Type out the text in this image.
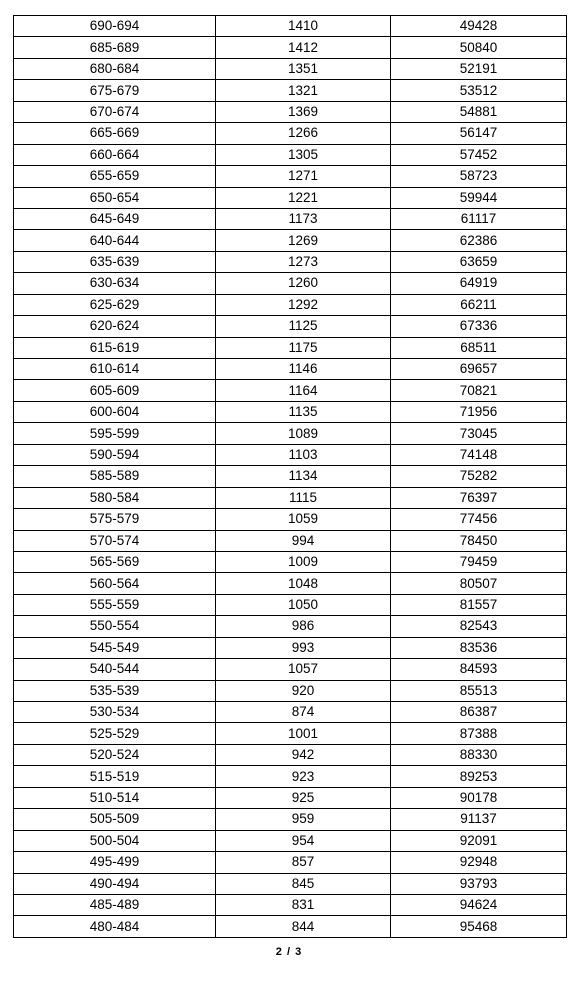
690-694	1410	49428
685-689	1412	50840
680-684	1351	52191
675-679	1321	53512
670-674	1369	54881
665-669	1266	56147
660-664	1305	57452
655-659	1271	58723
650-654	1221	59944
645-649	1173	61117
640-644	1269	62386
635-639	1273	63659
630-634	1260	64919
625-629	1292	66211
620-624	1125	67336
615-619	1175	68511
610-614	1146	69657
605-609	1164	70821
600-604	1135	71956
595-599	1089	73045
590-594	1103	74148
585-589	1134	75282
580-584	1115	76397
575-579	1059	77456
570-574	994	78450
565-569	1009	79459
560-564	1048	80507
555-559	1050	81557
550-554	986	82543
545-549	993	83536
540-544	1057	84593
535-539	920	85513
530-534	874	86387
525-529	1001	87388
520-524	942	88330
515-519	923	89253
510-514	925	90178
505-509	959	91137
500-504	954	92091
495-499	857	92948
490-494	845	93793
485-489	831	94624
480-484	844	95468
2 / 3
